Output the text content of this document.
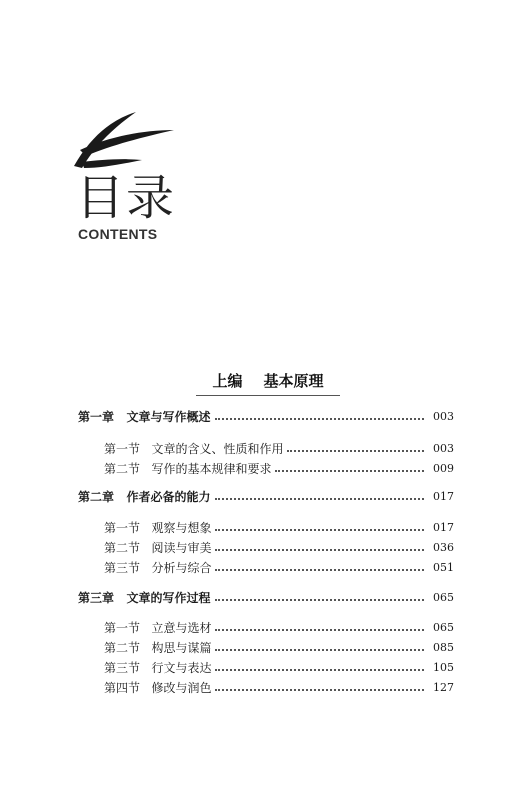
目录
CONTENTS
上编 基本原理
第一章   文章与写作概述	003
第一节   文章的含义、性质和作用	003
第二节   写作的基本规律和要求	009
第二章   作者必备的能力	017
第一节   观察与想象	017
第二节   阅读与审美	036
第三节   分析与综合	051
第三章   文章的写作过程	065
第一节   立意与选材	065
第二节   构思与谋篇	085
第三节   行文与表达	105
第四节   修改与润色	127
